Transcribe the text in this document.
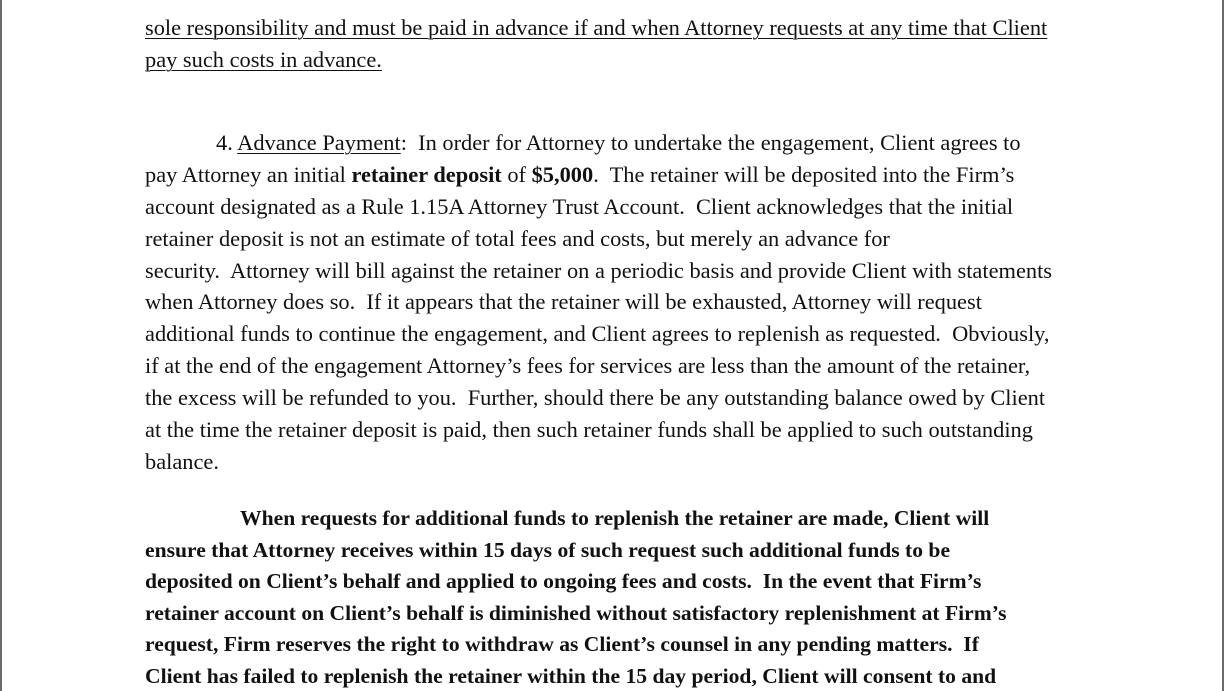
sole responsibility and must be paid in advance if and when Attorney requests at any time that Client

pay such costs in advance.

4. Advance Payment:  In order for Attorney to undertake the engagement, Client agrees to

pay Attorney an initial retainer deposit of $5,000.  The retainer will be deposited into the Firm’s

account designated as a Rule 1.15A Attorney Trust Account.  Client acknowledges that the initial

retainer deposit is not an estimate of total fees and costs, but merely an advance for

security.  Attorney will bill against the retainer on a periodic basis and provide Client with statements

when Attorney does so.  If it appears that the retainer will be exhausted, Attorney will request

additional funds to continue the engagement, and Client agrees to replenish as requested.  Obviously,

if at the end of the engagement Attorney’s fees for services are less than the amount of the retainer,

the excess will be refunded to you.  Further, should there be any outstanding balance owed by Client

at the time the retainer deposit is paid, then such retainer funds shall be applied to such outstanding

balance.

When requests for additional funds to replenish the retainer are made, Client will
ensure that Attorney receives within 15 days of such request such additional funds to be
deposited on Client’s behalf and applied to ongoing fees and costs.  In the event that Firm’s
retainer account on Client’s behalf is diminished without satisfactory replenishment at Firm’s
request, Firm reserves the right to withdraw as Client’s counsel in any pending matters.  If
Client has failed to replenish the retainer within the 15 day period, Client will consent to and
